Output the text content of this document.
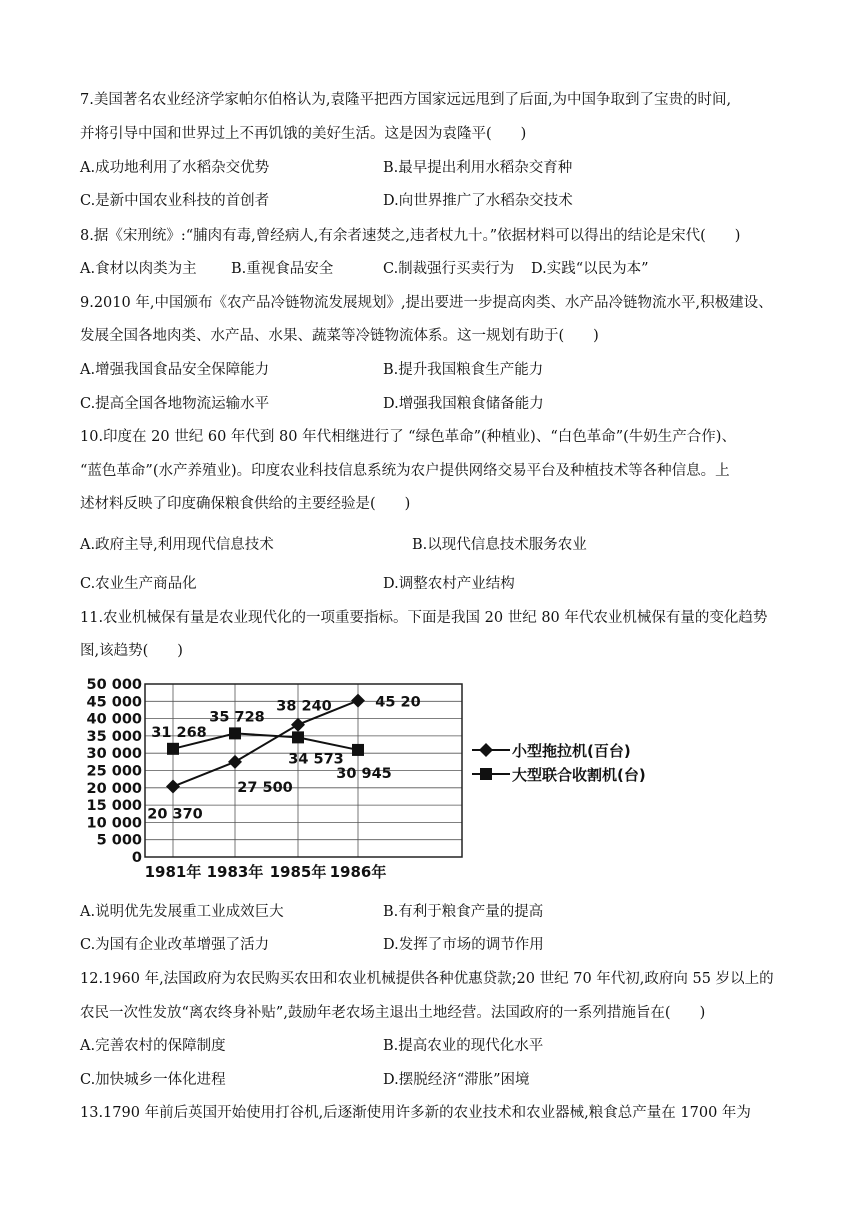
7.美国著名农业经济学家帕尔伯格认为,袁隆平把西方国家远远甩到了后面,为中国争取到了宝贵的时间,
并将引导中国和世界过上不再饥饿的美好生活。这是因为袁隆平(　　)
A.成功地利用了水稻杂交优势	B.最早提出利用水稻杂交育种
C.是新中国农业科技的首创者	D.向世界推广了水稻杂交技术
8.据《宋刑统》:“脯肉有毒,曾经病人,有余者速焚之,违者杖九十。”依据材料可以得出的结论是宋代(　　)
A.食材以肉类为主 B.重视食品安全	C.制裁强行买卖行为 D.实践“以民为本”
9.2010 年,中国颁布《农产品冷链物流发展规划》,提出要进一步提高肉类、水产品冷链物流水平,积极建设、
发展全国各地肉类、水产品、水果、蔬菜等冷链物流体系。这一规划有助于(　　)
A.增强我国食品安全保障能力	B.提升我国粮食生产能力
C.提高全国各地物流运输水平	D.增强我国粮食储备能力
10.印度在 20 世纪 60 年代到 80 年代相继进行了 “绿色革命”(种植业)、“白色革命”(牛奶生产合作)、
“蓝色革命”(水产养殖业)。印度农业科技信息系统为农户提供网络交易平台及种植技术等各种信息。上
述材料反映了印度确保粮食供给的主要经验是(　　)
A.政府主导,利用现代信息技术	B.以现代信息技术服务农业
C.农业生产商品化	D.调整农村产业结构
11.农业机械保有量是农业现代化的一项重要指标。下面是我国 20 世纪 80 年代农业机械保有量的变化趋势
图,该趋势(　　)
50 000
45 000
40 000
35 000
30 000
25 000
20 000
15 000
10 000
5 000
0
1981年 1983年 1985年 1986年
20 370
27 500
38 240	45 20
31 268
35 728
34 573
30 945
小型拖拉机(百台)
大型联合收割机(台)
A.说明优先发展重工业成效巨大	B.有利于粮食产量的提高
C.为国有企业改革增强了活力	D.发挥了市场的调节作用
12.1960 年,法国政府为农民购买农田和农业机械提供各种优惠贷款;20 世纪 70 年代初,政府向 55 岁以上的
农民一次性发放“离农终身补贴”,鼓励年老农场主退出土地经营。法国政府的一系列措施旨在(　　)
A.完善农村的保障制度	B.提高农业的现代化水平
C.加快城乡一体化进程	D.摆脱经济“滞胀”困境
13.1790 年前后英国开始使用打谷机,后逐渐使用许多新的农业技术和农业器械,粮食总产量在 1700 年为
